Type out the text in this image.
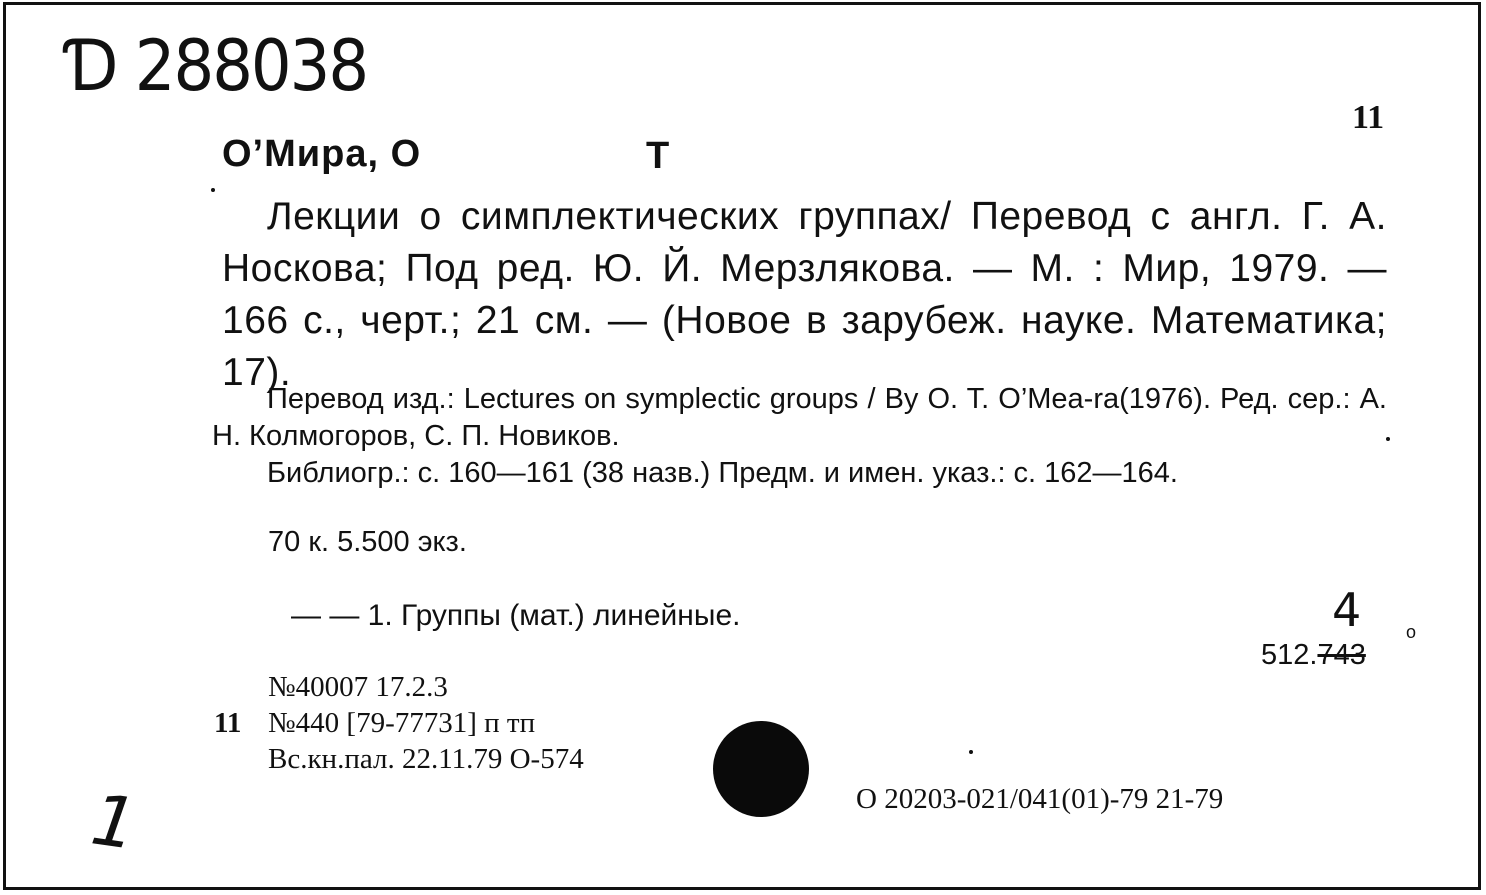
Ɗ 288038
11
О’Мира, О	Т
Лекции о симплектических группах/ Перевод с англ. Г. А. Носкова; Под ред. Ю. Й. Мерзлякова. — М. : Мир, 1979. — 166 с., черт.; 21 см. — (Новое в зарубеж. науке. Математика; 17).
Перевод изд.: Lectures on symplectic groups / By O. T. O’Mea-ra(1976). Ред. сер.: А. Н. Колмогоров, С. П. Новиков.
Библиогр.: с. 160—161 (38 назв.) Предм. и имен. указ.: с. 162—164.
70 к. 5.500 экз.
— — 1. Группы (мат.) линейные.	4
512.743
o
№40007 17.2.3
11 №440 [79-77731] п тп
Вс.кн.пал. 22.11.79 О-574
О 20203-021/041(01)-79 21-79
1
